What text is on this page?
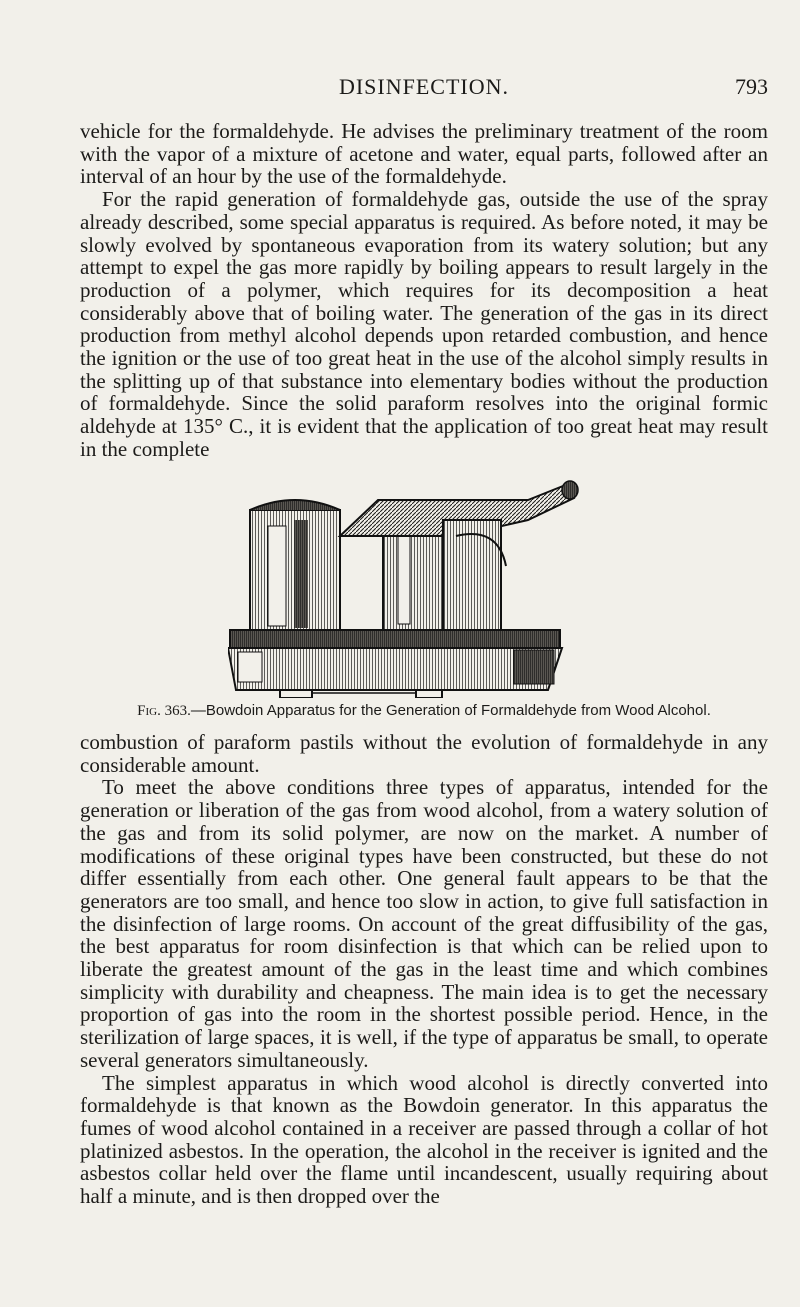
DISINFECTION.	793

vehicle for the formaldehyde. He advises the preliminary treatment of the room with the vapor of a mixture of acetone and water, equal parts, followed after an interval of an hour by the use of the formaldehyde.

For the rapid generation of formaldehyde gas, outside the use of the spray already described, some special apparatus is required. As before noted, it may be slowly evolved by spontaneous evaporation from its watery solution; but any attempt to expel the gas more rapidly by boiling appears to result largely in the production of a polymer, which requires for its decomposition a heat considerably above that of boiling water. The generation of the gas in its direct production from methyl alcohol depends upon retarded combustion, and hence the ignition or the use of too great heat in the use of the alcohol simply results in the splitting up of that substance into elementary bodies without the production of formaldehyde. Since the solid paraform resolves into the original formic aldehyde at 135° C., it is evident that the application of too great heat may result in the complete

Fig. 363.—Bowdoin Apparatus for the Generation of Formaldehyde from Wood Alcohol.

combustion of paraform pastils without the evolution of formaldehyde in any considerable amount.

To meet the above conditions three types of apparatus, intended for the generation or liberation of the gas from wood alcohol, from a watery solution of the gas and from its solid polymer, are now on the market. A number of modifications of these original types have been constructed, but these do not differ essentially from each other. One general fault appears to be that the generators are too small, and hence too slow in action, to give full satisfaction in the disinfection of large rooms. On account of the great diffusibility of the gas, the best apparatus for room disinfection is that which can be relied upon to liberate the greatest amount of the gas in the least time and which combines simplicity with durability and cheapness. The main idea is to get the necessary proportion of gas into the room in the shortest possible period. Hence, in the sterilization of large spaces, it is well, if the type of apparatus be small, to operate several generators simultaneously.

The simplest apparatus in which wood alcohol is directly converted into formaldehyde is that known as the Bowdoin generator. In this apparatus the fumes of wood alcohol contained in a receiver are passed through a collar of hot platinized asbestos. In the operation, the alcohol in the receiver is ignited and the asbestos collar held over the flame until incandescent, usually requiring about half a minute, and is then dropped over the
